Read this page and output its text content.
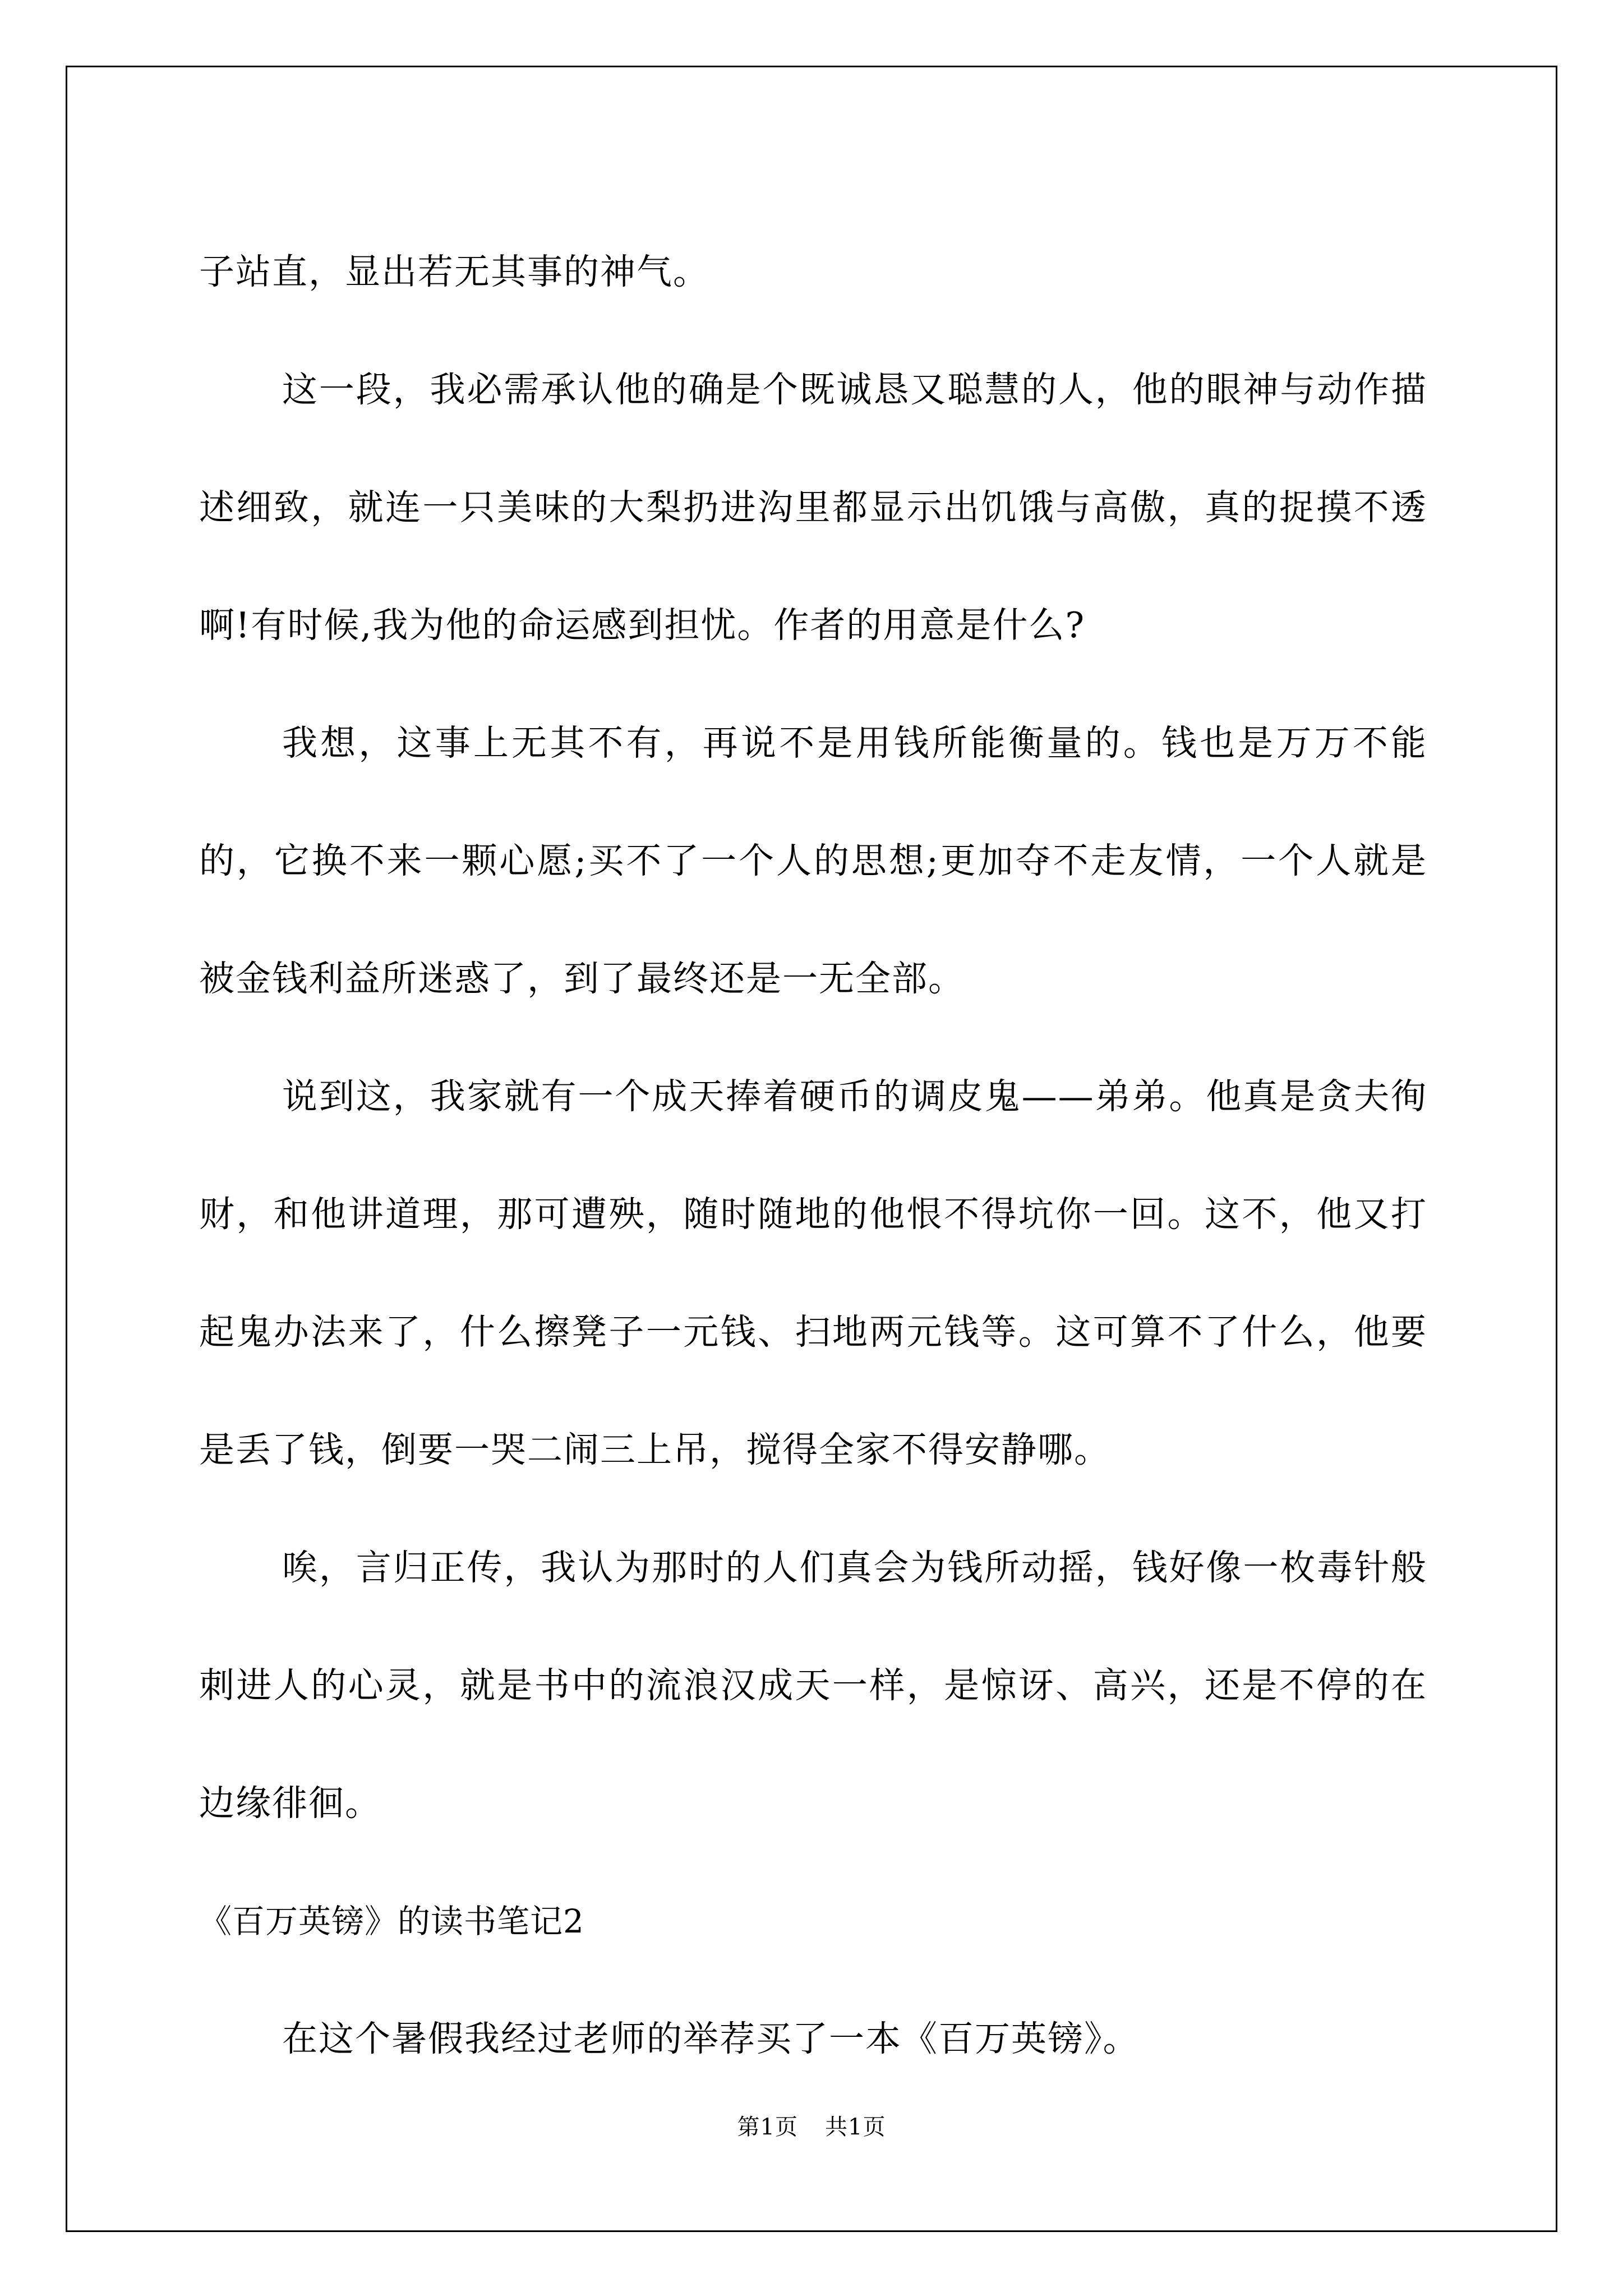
子站直，显出若无其事的神气。

这一段，我必需承认他的确是个既诚恳又聪慧的人，他的眼神与动作描述细致，就连一只美味的大梨扔进沟里都显示出饥饿与高傲，真的捉摸不透啊!有时候,我为他的命运感到担忧。作者的用意是什么?

我想，这事上无其不有，再说不是用钱所能衡量的。钱也是万万不能的，它换不来一颗心愿;买不了一个人的思想;更加夺不走友情，一个人就是被金钱利益所迷惑了，到了最终还是一无全部。

说到这，我家就有一个成天捧着硬币的调皮鬼——弟弟。他真是贪夫徇财，和他讲道理，那可遭殃，随时随地的他恨不得坑你一回。这不，他又打起鬼办法来了，什么擦凳子一元钱、扫地两元钱等。这可算不了什么，他要是丢了钱，倒要一哭二闹三上吊，搅得全家不得安静哪。

唉，言归正传，我认为那时的人们真会为钱所动摇，钱好像一枚毒针般刺进人的心灵，就是书中的流浪汉成天一样，是惊讶、高兴，还是不停的在边缘徘徊。

《百万英镑》的读书笔记2

在这个暑假我经过老师的举荐买了一本《百万英镑》。

第1页 共1页
